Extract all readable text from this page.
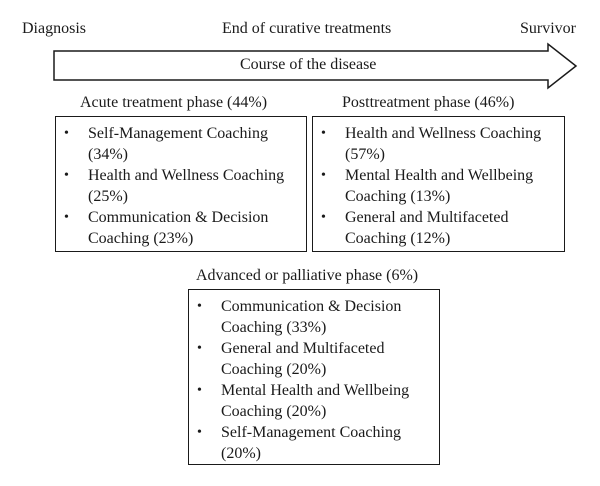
Diagnosis	End of curative treatments	Survivor
Course of the disease
Acute treatment phase (44%)	Posttreatment phase (46%)
• Self-Management Coaching
(34%)
• Health and Wellness Coaching
(25%)
• Communication & Decision
Coaching (23%)
• Health and Wellness Coaching
(57%)
• Mental Health and Wellbeing
Coaching (13%)
• General and Multifaceted
Coaching (12%)
Advanced or palliative phase (6%)
• Communication & Decision
Coaching (33%)
• General and Multifaceted
Coaching (20%)
• Mental Health and Wellbeing
Coaching (20%)
• Self-Management Coaching
(20%)
